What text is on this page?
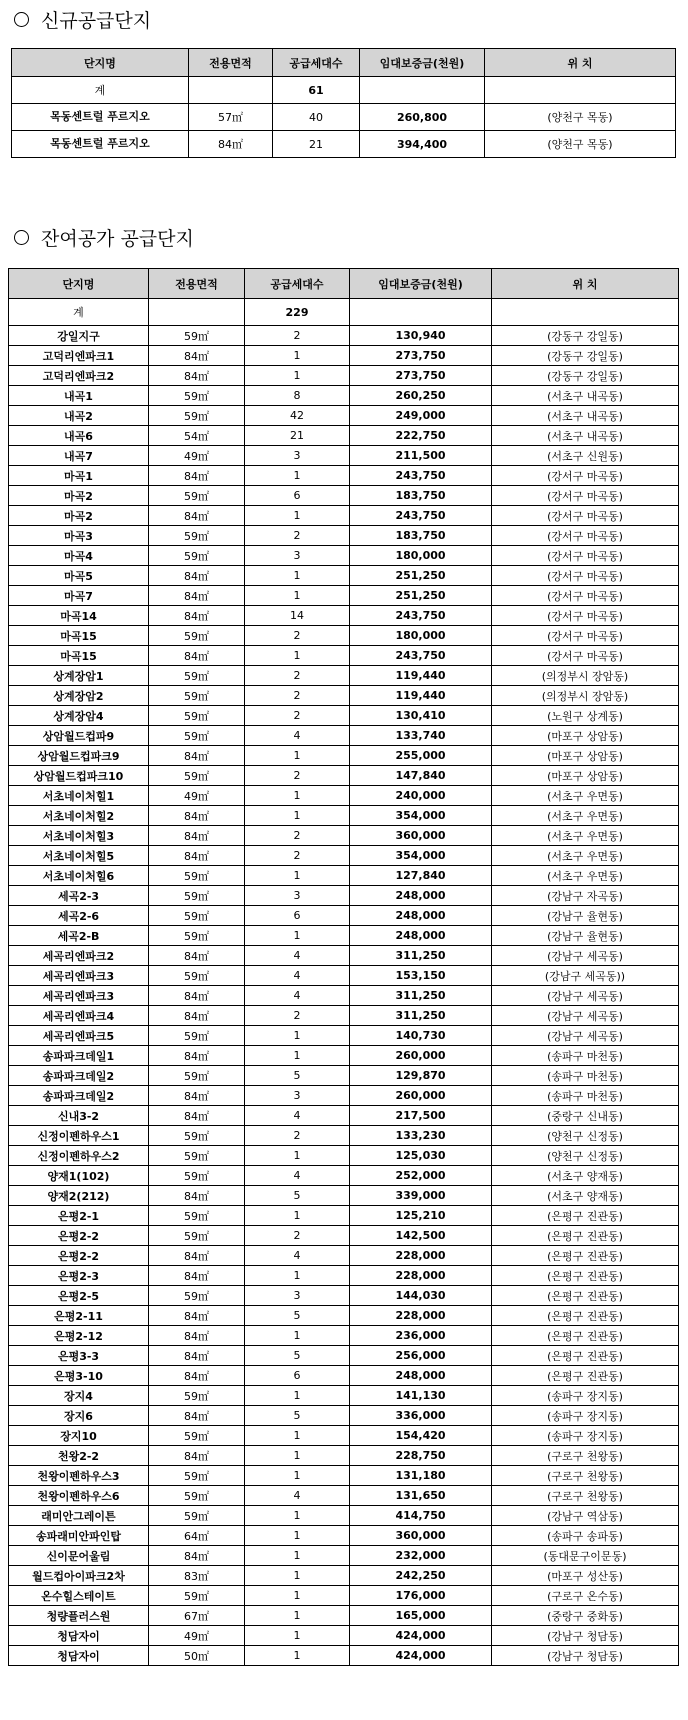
신규공급단지
단지명	전용면적	공급세대수	임대보증금(천원)	위 치
계		61		
목동센트럴 푸르지오	57㎡	40	260,800	(양천구 목동)
목동센트럴 푸르지오	84㎡	21	394,400	(양천구 목동)
잔여공가 공급단지
단지명	전용면적	공급세대수	임대보증금(천원)	위 치
계		229		
강일지구	59㎡	2	130,940	(강동구 강일동)
고덕리엔파크1	84㎡	1	273,750	(강동구 강일동)
고덕리엔파크2	84㎡	1	273,750	(강동구 강일동)
내곡1	59㎡	8	260,250	(서초구 내곡동)
내곡2	59㎡	42	249,000	(서초구 내곡동)
내곡6	54㎡	21	222,750	(서초구 내곡동)
내곡7	49㎡	3	211,500	(서초구 신원동)
마곡1	84㎡	1	243,750	(강서구 마곡동)
마곡2	59㎡	6	183,750	(강서구 마곡동)
마곡2	84㎡	1	243,750	(강서구 마곡동)
마곡3	59㎡	2	183,750	(강서구 마곡동)
마곡4	59㎡	3	180,000	(강서구 마곡동)
마곡5	84㎡	1	251,250	(강서구 마곡동)
마곡7	84㎡	1	251,250	(강서구 마곡동)
마곡14	84㎡	14	243,750	(강서구 마곡동)
마곡15	59㎡	2	180,000	(강서구 마곡동)
마곡15	84㎡	1	243,750	(강서구 마곡동)
상계장암1	59㎡	2	119,440	(의정부시 장암동)
상계장암2	59㎡	2	119,440	(의정부시 장암동)
상계장암4	59㎡	2	130,410	(노원구 상계동)
상암월드컵파9	59㎡	4	133,740	(마포구 상암동)
상암월드컵파크9	84㎡	1	255,000	(마포구 상암동)
상암월드컵파크10	59㎡	2	147,840	(마포구 상암동)
서초네이처힐1	49㎡	1	240,000	(서초구 우면동)
서초네이처힐2	84㎡	1	354,000	(서초구 우면동)
서초네이처힐3	84㎡	2	360,000	(서초구 우면동)
서초네이처힐5	84㎡	2	354,000	(서초구 우면동)
서초네이처힐6	59㎡	1	127,840	(서초구 우면동)
세곡2-3	59㎡	3	248,000	(강남구 자곡동)
세곡2-6	59㎡	6	248,000	(강남구 율현동)
세곡2-B	59㎡	1	248,000	(강남구 율현동)
세곡리엔파크2	84㎡	4	311,250	(강남구 세곡동)
세곡리엔파크3	59㎡	4	153,150	(강남구 세곡동))
세곡리엔파크3	84㎡	4	311,250	(강남구 세곡동)
세곡리엔파크4	84㎡	2	311,250	(강남구 세곡동)
세곡리엔파크5	59㎡	1	140,730	(강남구 세곡동)
송파파크데일1	84㎡	1	260,000	(송파구 마천동)
송파파크데일2	59㎡	5	129,870	(송파구 마천동)
송파파크데일2	84㎡	3	260,000	(송파구 마천동)
신내3-2	84㎡	4	217,500	(중랑구 신내동)
신정이펜하우스1	59㎡	2	133,230	(양천구 신정동)
신정이펜하우스2	59㎡	1	125,030	(양천구 신정동)
양재1(102)	59㎡	4	252,000	(서초구 양재동)
양재2(212)	84㎡	5	339,000	(서초구 양재동)
은평2-1	59㎡	1	125,210	(은평구 진관동)
은평2-2	59㎡	2	142,500	(은평구 진관동)
은평2-2	84㎡	4	228,000	(은평구 진관동)
은평2-3	84㎡	1	228,000	(은평구 진관동)
은평2-5	59㎡	3	144,030	(은평구 진관동)
은평2-11	84㎡	5	228,000	(은평구 진관동)
은평2-12	84㎡	1	236,000	(은평구 진관동)
은평3-3	84㎡	5	256,000	(은평구 진관동)
은평3-10	84㎡	6	248,000	(은평구 진관동)
장지4	59㎡	1	141,130	(송파구 장지동)
장지6	84㎡	5	336,000	(송파구 장지동)
장지10	59㎡	1	154,420	(송파구 장지동)
천왕2-2	84㎡	1	228,750	(구로구 천왕동)
천왕이펜하우스3	59㎡	1	131,180	(구로구 천왕동)
천왕이펜하우스6	59㎡	4	131,650	(구로구 천왕동)
래미안그레이튼	59㎡	1	414,750	(강남구 역삼동)
송파래미안파인탑	64㎡	1	360,000	(송파구 송파동)
신이문어울림	84㎡	1	232,000	(동대문구이문동)
월드컵아이파크2차	83㎡	1	242,250	(마포구 성산동)
온수힐스테이트	59㎡	1	176,000	(구로구 온수동)
청량플러스원	67㎡	1	165,000	(중랑구 중화동)
청담자이	49㎡	1	424,000	(강남구 청담동)
청담자이	50㎡	1	424,000	(강남구 청담동)
